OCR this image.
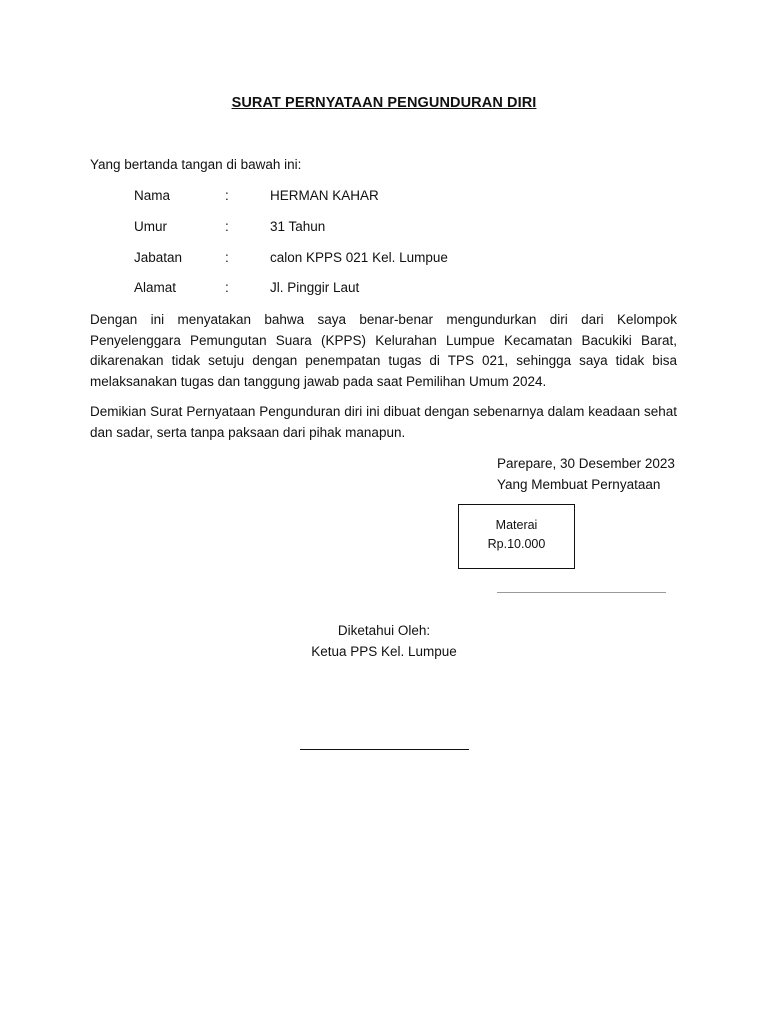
SURAT PERNYATAAN PENGUNDURAN DIRI
Yang bertanda tangan di bawah ini:
Nama	:	HERMAN KAHAR
Umur	:	31 Tahun
Jabatan	:	calon KPPS 021 Kel. Lumpue
Alamat	:	Jl. Pinggir Laut

Dengan ini menyatakan bahwa saya benar-benar mengundurkan diri dari Kelompok Penyelenggara Pemungutan Suara (KPPS) Kelurahan Lumpue Kecamatan Bacukiki Barat, dikarenakan tidak setuju dengan penempatan tugas di TPS 021, sehingga saya tidak bisa melaksanakan tugas dan tanggung jawab pada saat Pemilihan Umum 2024.

Demikian Surat Pernyataan Pengunduran diri ini dibuat dengan sebenarnya dalam keadaan sehat dan sadar, serta tanpa paksaan dari pihak manapun.

Parepare, 30 Desember 2023
Yang Membuat Pernyataan
Materai
Rp.10.000
Diketahui Oleh:
Ketua PPS Kel. Lumpue
